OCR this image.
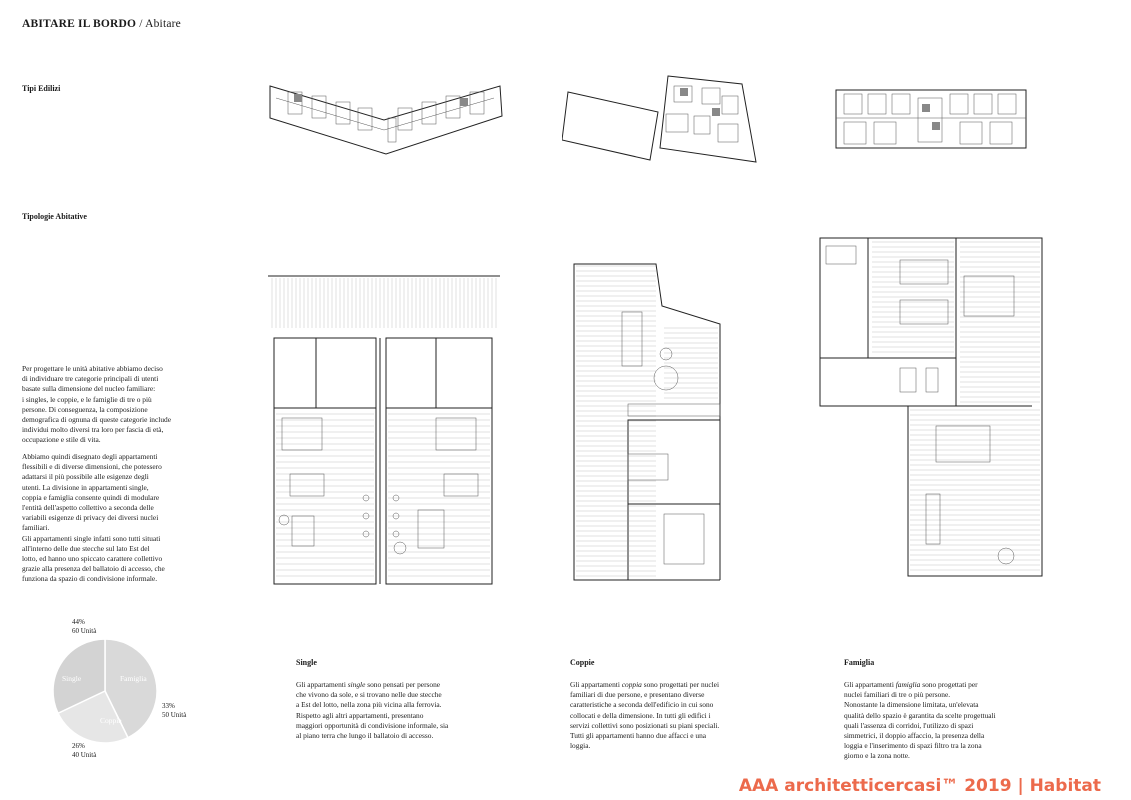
ABITARE IL BORDO / Abitare
Tipi Edilizi
Tipologie Abitative
Per progettare le unità abitative abbiamo deciso
di individuare tre categorie principali di utenti
basate sulla dimensione del nucleo familiare:
i singles, le coppie, e le famiglie di tre o più
persone. Di conseguenza, la composizione
demografica di ognuna di queste categorie include
individui molto diversi tra loro per fascia di età,
occupazione e stile di vita.
Abbiamo quindi disegnato degli appartamenti
flessibili e di diverse dimensioni, che potessero
adattarsi il più possibile alle esigenze degli
utenti. La divisione in appartamenti single,
coppia e famiglia consente quindi di modulare
l'entità dell'aspetto collettivo a seconda delle
variabili esigenze di privacy dei diversi nuclei
familiari.
Gli appartamenti single infatti sono tutti situati
all'interno delle due stecche sul lato Est del
lotto, ed hanno uno spiccato carattere collettivo
grazie alla presenza del ballatoio di accesso, che
funziona da spazio di condivisione informale.
Single	Famiglia
Coppia
44%
60 Unità
33%
50 Unità
26%
40 Unità
Single
Gli appartamenti single sono pensati per persone
che vivono da sole, e si trovano nelle due stecche
a Est del lotto, nella zona più vicina alla ferrovia.
Rispetto agli altri appartamenti, presentano
maggiori opportunità di condivisione informale, sia
al piano terra che lungo il ballatoio di accesso.
Coppie
Gli appartamenti coppia sono progettati per nuclei
familiari di due persone, e presentano diverse
caratteristiche a seconda dell'edificio in cui sono
collocati e della dimensione. In tutti gli edifici i
servizi collettivi sono posizionati su piani speciali.
Tutti gli appartamenti hanno due affacci e una
loggia.
Famiglia
Gli appartamenti famiglia sono progettati per
nuclei familiari di tre o più persone.
Nonostante la dimensione limitata, un'elevata
qualità dello spazio è garantita da scelte progettuali
quali l'assenza di corridoi, l'utilizzo di spazi
simmetrici, il doppio affaccio, la presenza della
loggia e l'inserimento di spazi filtro tra la zona
giorno e la zona notte.
AAA architetticercasi™ 2019 | Habitat
